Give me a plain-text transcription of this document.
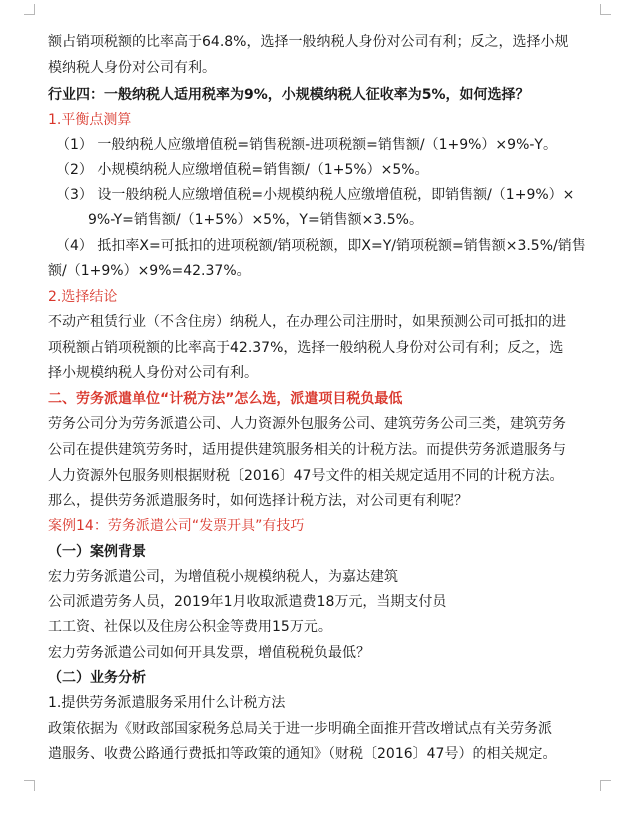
额占销项税额的比率高于64.8%，选择一般纳税人身份对公司有利；反之，选择小规
模纳税人身份对公司有利。
行业四：一般纳税人适用税率为9%，小规模纳税人征收率为5%，如何选择？
1.平衡点测算
（1） 一般纳税人应缴增值税=销售税额-进项税额=销售额/（1+9%）×9%-Y。
（2） 小规模纳税人应缴增值税=销售额/（1+5%）×5%。
（3） 设一般纳税人应缴增值税=小规模纳税人应缴增值税，即销售额/（1+9%）×
9%-Y=销售额/（1+5%）×5%，Y=销售额×3.5%。
（4） 抵扣率X=可抵扣的进项税额/销项税额，即X=Y/销项税额=销售额×3.5%/销售
额/（1+9%）×9%=42.37%。
2.选择结论
不动产租赁行业（不含住房）纳税人，在办理公司注册时，如果预测公司可抵扣的进
项税额占销项税额的比率高于42.37%，选择一般纳税人身份对公司有利；反之，选
择小规模纳税人身份对公司有利。
二、劳务派遣单位“计税方法”怎么选，派遣项目税负最低
劳务公司分为劳务派遣公司、人力资源外包服务公司、建筑劳务公司三类，建筑劳务
公司在提供建筑劳务时，适用提供建筑服务相关的计税方法。而提供劳务派遣服务与
人力资源外包服务则根据财税〔2016〕47号文件的相关规定适用不同的计税方法。
那么，提供劳务派遣服务时，如何选择计税方法，对公司更有利呢？
案例14：劳务派遣公司“发票开具”有技巧
（一）案例背景
宏力劳务派遣公司，为增值税小规模纳税人，为嘉达建筑
公司派遣劳务人员，2019年1月收取派遣费18万元，当期支付员
工工资、社保以及住房公积金等费用15万元。
宏力劳务派遣公司如何开具发票，增值税税负最低？
（二）业务分析
1.提供劳务派遣服务采用什么计税方法
政策依据为《财政部国家税务总局关于进一步明确全面推开营改增试点有关劳务派
遣服务、收费公路通行费抵扣等政策的通知》（财税〔2016〕47号）的相关规定。
